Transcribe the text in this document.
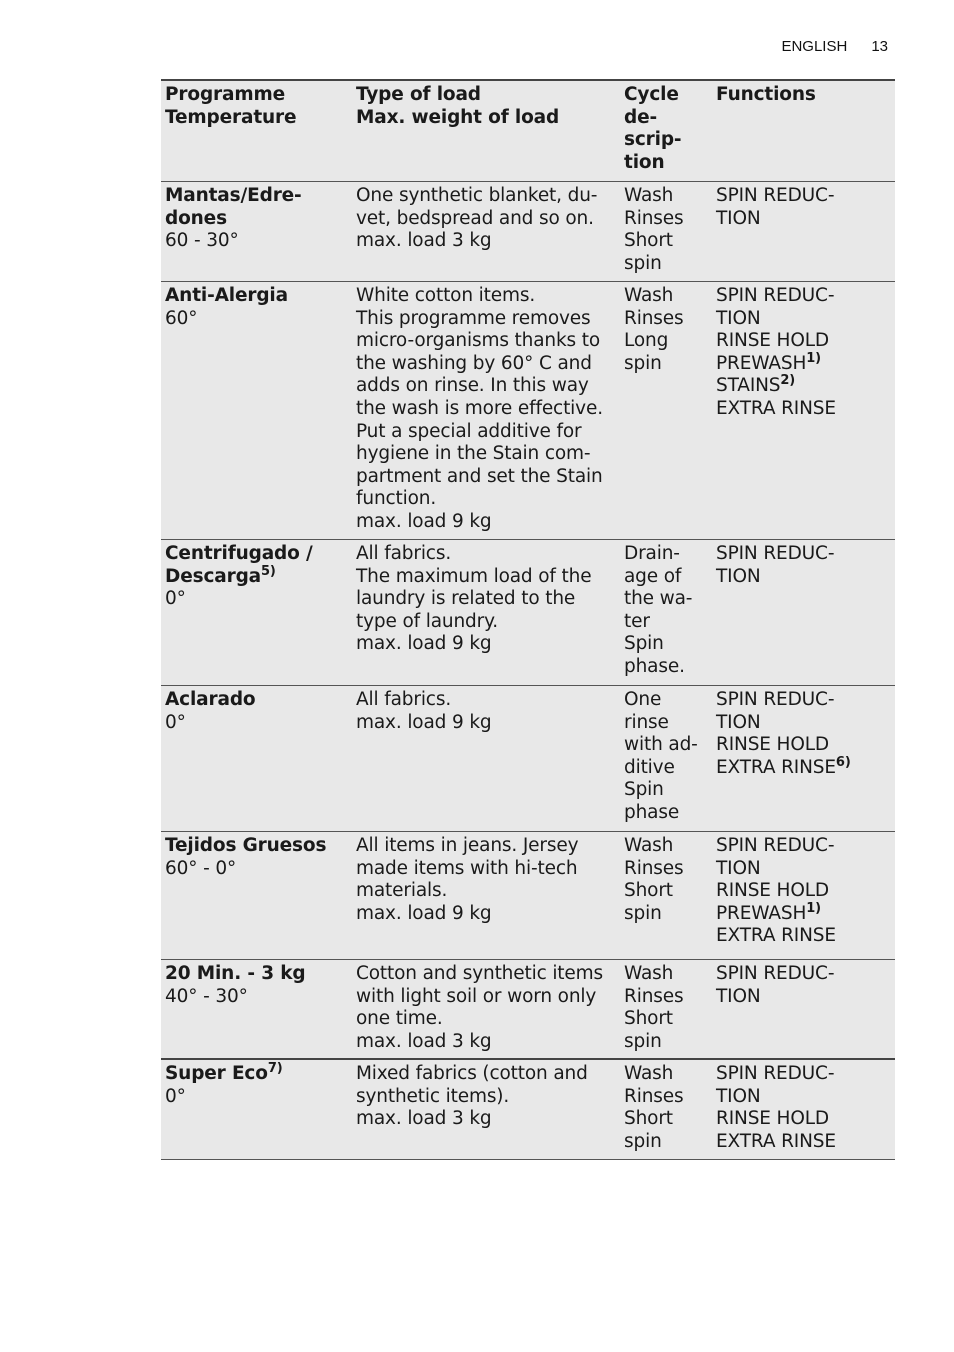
ENGLISH 13
Programme
Temperature
Type of load
Max. weight of load
Cycle
de-
scrip-
tion
Functions
Mantas/Edre-
dones
60 - 30°
One synthetic blanket, du-
vet, bedspread and so on.
max. load 3 kg
Wash
Rinses
Short
spin
SPIN REDUC-
TION
Anti-Alergia
60°
White cotton items.
This programme removes
micro-organisms thanks to
the washing by 60° C and
adds on rinse. In this way
the wash is more effective.
Put a special additive for
hygiene in the Stain com-
partment and set the Stain
function.
max. load 9 kg
Wash
Rinses
Long
spin
SPIN REDUC-
TION
RINSE HOLD
PREWASH$^{1)}$
STAINS$^{2)}$
EXTRA RINSE
Centrifugado /
Descarga$^{5)}$
0°
All fabrics.
The maximum load of the
laundry is related to the
type of laundry.
max. load 9 kg
Drain-
age of
the wa-
ter
Spin
phase.
SPIN REDUC-
TION
Aclarado
0°
All fabrics.
max. load 9 kg
One
rinse
with ad-
ditive
Spin
phase
SPIN REDUC-
TION
RINSE HOLD
EXTRA RINSE$^{6)}$
Tejidos Gruesos
60° - 0°
All items in jeans. Jersey
made items with hi-tech
materials.
max. load 9 kg
Wash
Rinses
Short
spin
SPIN REDUC-
TION
RINSE HOLD
PREWASH$^{1)}$
EXTRA RINSE
20 Min. - 3 kg
40° - 30°
Cotton and synthetic items
with light soil or worn only
one time.
max. load 3 kg
Wash
Rinses
Short
spin
SPIN REDUC-
TION
Super Eco$^{7)}$
0°
Mixed fabrics (cotton and
synthetic items).
max. load 3 kg
Wash
Rinses
Short
spin
SPIN REDUC-
TION
RINSE HOLD
EXTRA RINSE
